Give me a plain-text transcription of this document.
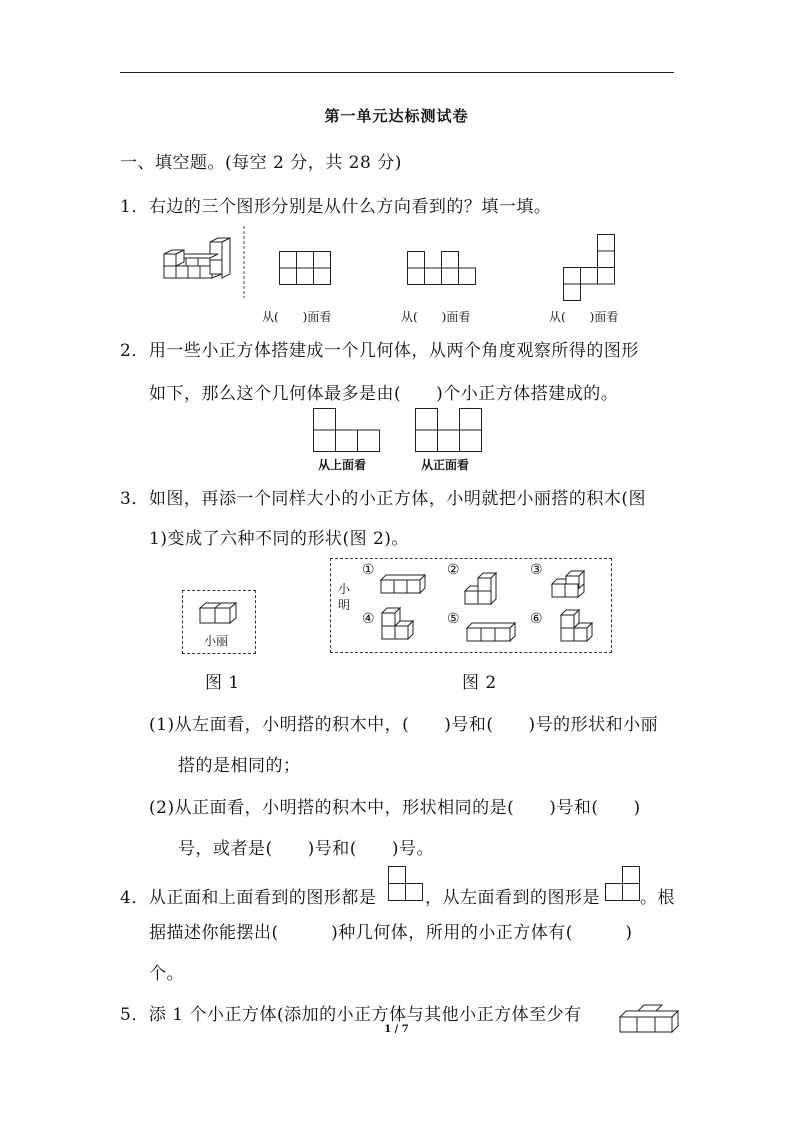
第一单元达标测试卷
一、填空题。(每空 2 分，共 28 分)
1．右边的三个图形分别是从什么方向看到的？填一填。
从(　　)面看	从(　　)面看	从(　　)面看
2．用一些小正方体搭建成一个几何体，从两个角度观察所得的图形
如下，那么这个几何体最多是由(　　)个小正方体搭建成的。
从上面看	从正面看
3．如图，再添一个同样大小的小正方体，小明就把小丽搭的积木(图
1)变成了六种不同的形状(图 2)。
小丽
小
明
①	②	③
④	⑤	⑥
图 1	图 2
(1)从左面看，小明搭的积木中，(　　)号和(　　)号的形状和小丽
搭的是相同的；
(2)从正面看，小明搭的积木中，形状相同的是(　　)号和(　　)
号，或者是(　　)号和(　　)号。
4．从正面和上面看到的图形都是	，从左面看到的图形是 。根
据描述你能摆出(　　　)种几何体，所用的小正方体有(　　　)
个。
5．添 1 个小正方体(添加的小正方体与其他小正方体至少有
1 / 7
